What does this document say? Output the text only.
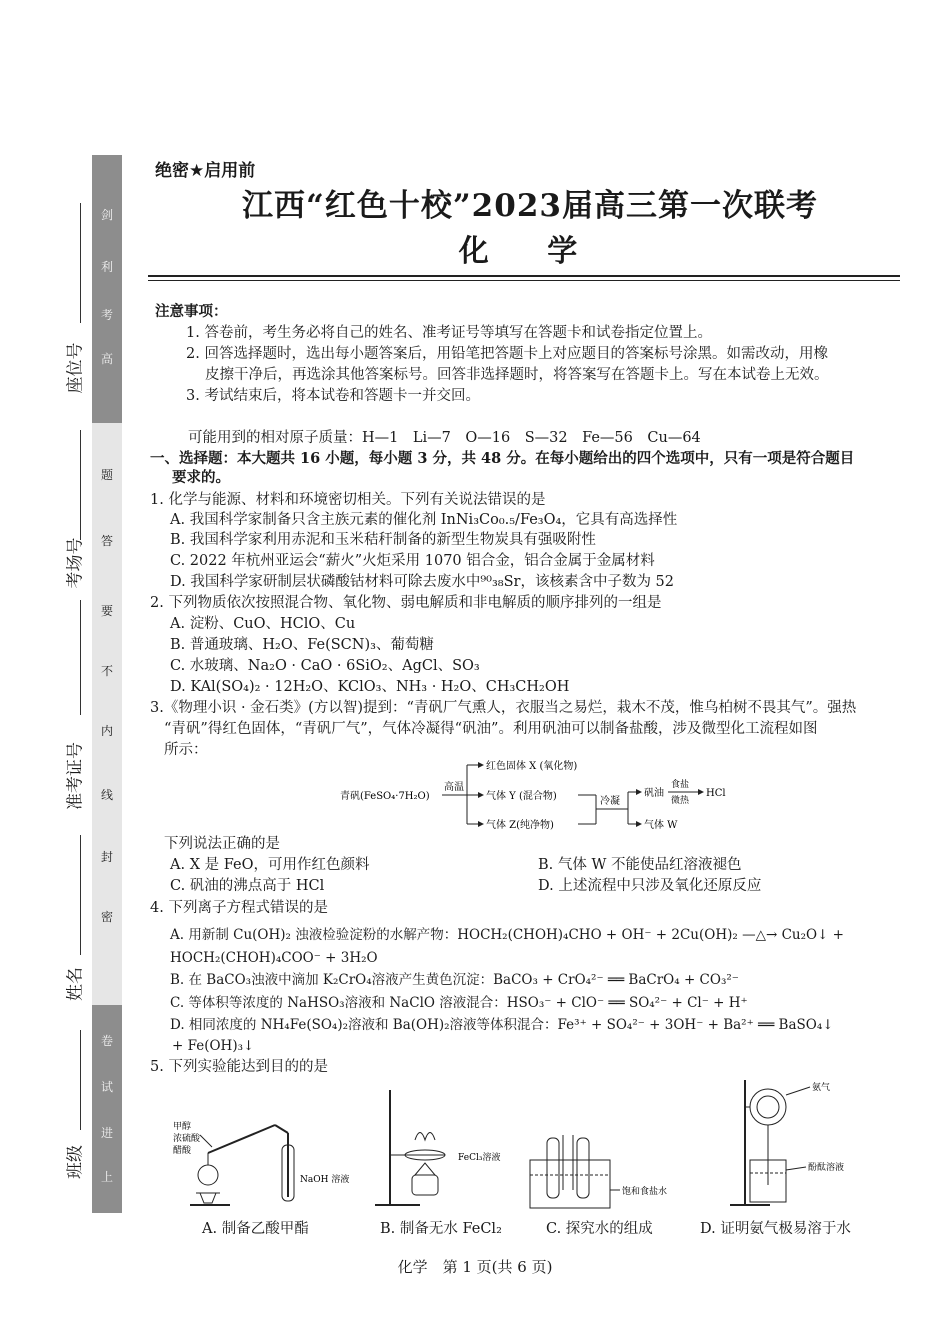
剑
利
考
高
题
答
要
不
内
线
封
密
卷
试
进
上
座位号
考场号
准考证号
姓名
班级
绝密★启用前
江西“红色十校”2023届高三第一次联考
化 学
注意事项：
1. 答卷前，考生务必将自己的姓名、准考证号等填写在答题卡和试卷指定位置上。
2. 回答选择题时，选出每小题答案后，用铅笔把答题卡上对应题目的答案标号涂黑。如需改动，用橡
皮擦干净后，再选涂其他答案标号。回答非选择题时，将答案写在答题卡上。写在本试卷上无效。
3. 考试结束后，将本试卷和答题卡一并交回。
可能用到的相对原子质量：H—1　Li—7　O—16　S—32　Fe—56　Cu—64
一、选择题：本大题共 16 小题，每小题 3 分，共 48 分。在每小题给出的四个选项中，只有一项是符合题目
要求的。
1. 化学与能源、材料和环境密切相关。下列有关说法错误的是
A. 我国科学家制备只含主族元素的催化剂 InNi₃Co₀.₅/Fe₃O₄，它具有高选择性
B. 我国科学家利用赤泥和玉米秸秆制备的新型生物炭具有强吸附性
C. 2022 年杭州亚运会“薪火”火炬采用 1070 铝合金，铝合金属于金属材料
D. 我国科学家研制层状磷酸钴材料可除去废水中⁹⁰₃₈Sr，该核素含中子数为 52
2. 下列物质依次按照混合物、氧化物、弱电解质和非电解质的顺序排列的一组是
A. 淀粉、CuO、HClO、Cu
B. 普通玻璃、H₂O、Fe(SCN)₃、葡萄糖
C. 水玻璃、Na₂O · CaO · 6SiO₂、AgCl、SO₃
D. KAl(SO₄)₂ · 12H₂O、KClO₃、NH₃ · H₂O、CH₃CH₂OH
3.《物理小识 · 金石类》(方以智)提到：“青矾厂气熏人，衣服当之易烂，栽木不茂，惟乌柏树不畏其气”。强热
“青矾”得红色固体，“青矾厂气”，气体冷凝得“矾油”。利用矾油可以制备盐酸，涉及微型化工流程如图
所示：
青矾(FeSO₄·7H₂O)
高温
红色固体 X (氧化物)
气体 Y (混合物)
气体 Z(纯净物)
冷凝
矾油
食盐
微热
HCl
气体 W
下列说法正确的是
A. X 是 FeO，可用作红色颜料	B. 气体 W 不能使品红溶液褪色
C. 矾油的沸点高于 HCl	D. 上述流程中只涉及氧化还原反应
4. 下列离子方程式错误的是
A. 用新制 Cu(OH)₂ 浊液检验淀粉的水解产物：HOCH₂(CHOH)₄CHO + OH⁻ + 2Cu(OH)₂ —△→ Cu₂O↓ +
HOCH₂(CHOH)₄COO⁻ + 3H₂O
B. 在 BaCO₃浊液中滴加 K₂CrO₄溶液产生黄色沉淀：BaCO₃ + CrO₄²⁻ ══ BaCrO₄ + CO₃²⁻
C. 等体积等浓度的 NaHSO₃溶液和 NaClO 溶液混合：HSO₃⁻ + ClO⁻ ══ SO₄²⁻ + Cl⁻ + H⁺
D. 相同浓度的 NH₄Fe(SO₄)₂溶液和 Ba(OH)₂溶液等体积混合：Fe³⁺ + SO₄²⁻ + 3OH⁻ + Ba²⁺ ══ BaSO₄↓
+ Fe(OH)₃↓
5. 下列实验能达到目的的是
甲醇
浓硫酸
醋酸
NaOH 溶液
A. 制备乙酸甲酯
FeCl₃溶液
B. 制备无水 FeCl₂
饱和食盐水
C. 探究水的组成
氨气
酚酞溶液
D. 证明氨气极易溶于水
化学　第 1 页(共 6 页)
